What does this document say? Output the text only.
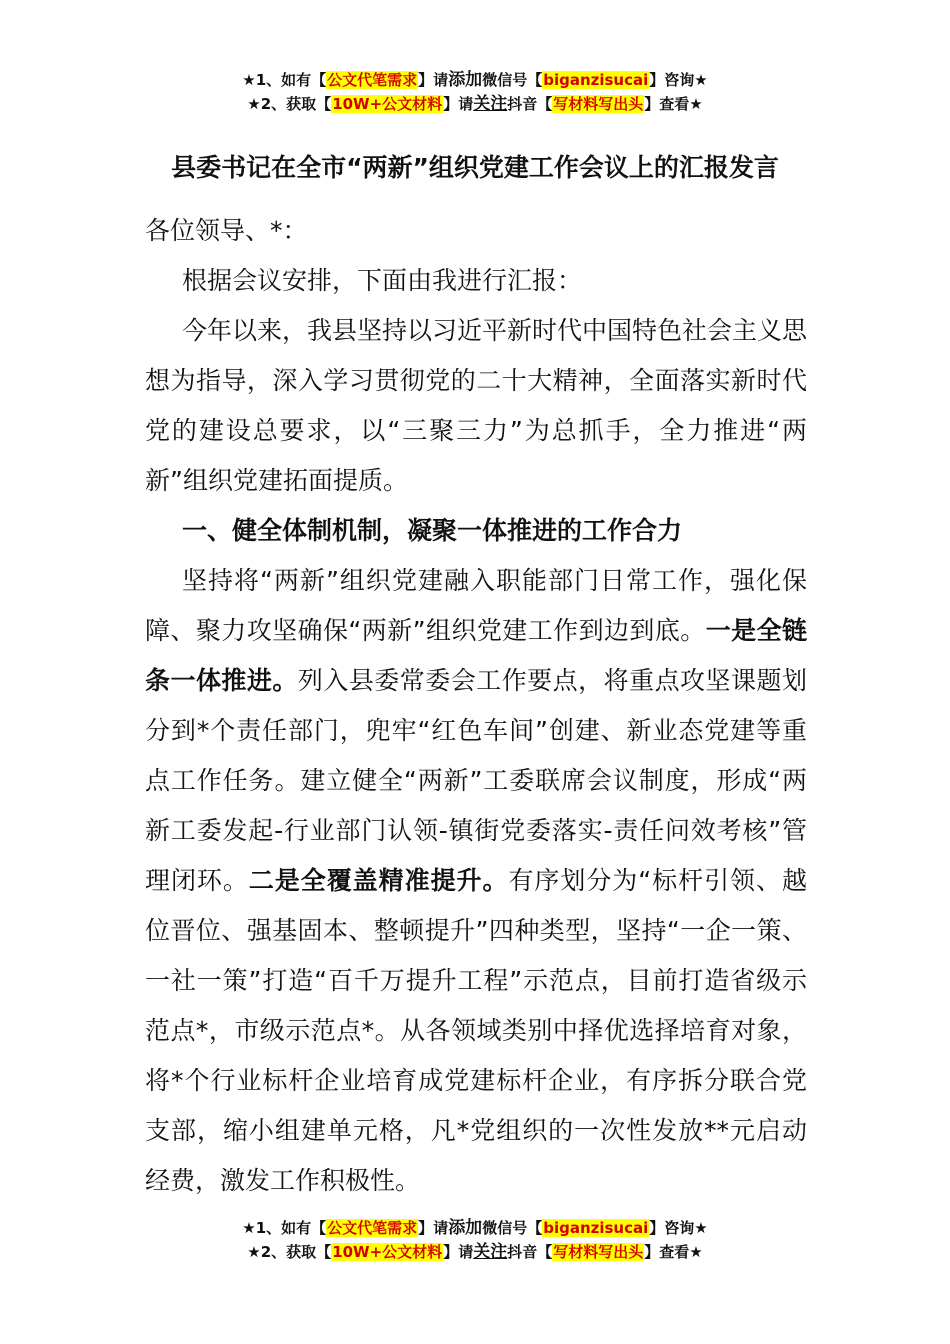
★1、如有【公文代笔需求】请添加微信号【biganzisucai】咨询★
★2、获取【10W+公文材料】请关注抖音【写材料写出头】查看★
县委书记在全市“两新”组织党建工作会议上的汇报发言

各位领导、*：

根据会议安排，下面由我进行汇报：

今年以来，我县坚持以习近平新时代中国特色社会主义思想为指导，深入学习贯彻党的二十大精神，全面落实新时代党的建设总要求，以“三聚三力”为总抓手，全力推进“两新”组织党建拓面提质。

一、健全体制机制，凝聚一体推进的工作合力

坚持将“两新”组织党建融入职能部门日常工作，强化保障、聚力攻坚确保“两新”组织党建工作到边到底。一是全链条一体推进。列入县委常委会工作要点，将重点攻坚课题划分到*个责任部门，兜牢“红色车间”创建、新业态党建等重点工作任务。建立健全“两新”工委联席会议制度，形成“两新工委发起-行业部门认领-镇街党委落实-责任问效考核”管理闭环。二是全覆盖精准提升。有序划分为“标杆引领、越位晋位、强基固本、整顿提升”四种类型，坚持“一企一策、一社一策”打造“百千万提升工程”示范点，目前打造省级示范点*，市级示范点*。从各领域类别中择优选择培育对象，将*个行业标杆企业培育成党建标杆企业，有序拆分联合党支部，缩小组建单元格，凡*党组织的一次性发放**元启动经费，激发工作积极性。

★1、如有【公文代笔需求】请添加微信号【biganzisucai】咨询★
★2、获取【10W+公文材料】请关注抖音【写材料写出头】查看★
